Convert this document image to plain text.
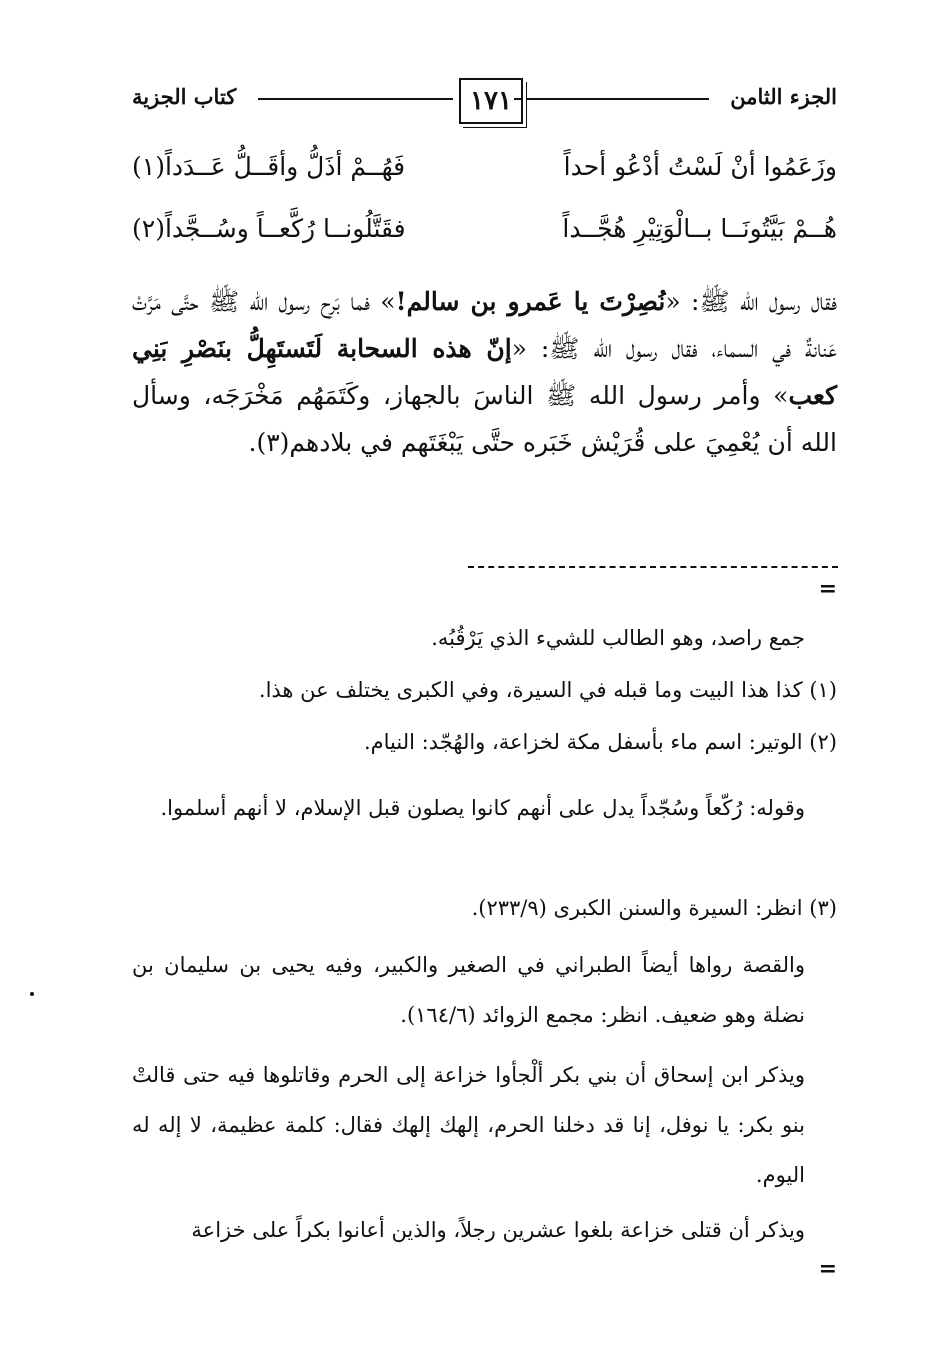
الجزء الثامن
١٧١
كتاب الجزية
وزَعَمُوا أنْ لَسْتُ أدْعُو أحداً
فَهُــمْ أذَلُّ وأقَــلُّ عَــدَداً(١)
هُــمْ بَيَّتُونَــا بــالْوَتِيْرِ هُجَّــداً
فقَتَّلُونــا رُكَّعــاً وسُــجَّداً(٢)
فقال رسول الله ﷺ: «نُصِرْتَ يا عَمرو بن سالم!» فما بَرِح رسول الله ﷺ حتَّى مَرَّتْ عَنانةٌ في السماء، فقال رسول الله ﷺ: «إنّ هذه السحابة لَتَستَهِلُّ بنَصْرِ بَنِي كعب» وأمر رسول الله ﷺ الناسَ بالجهاز، وكَتَمَهُم مَخْرَجَه، وسأل الله أن يُعْمِيَ على قُرَيْش خَبَره حتَّى يَبْغَتَهم في بلادهم(٣).
=
جمع راصد، وهو الطالب للشيء الذي يَرْقُبُه.
(١) كذا هذا البيت وما قبله في السيرة، وفي الكبرى يختلف عن هذا.
(٢) الوتير: اسم ماء بأسفل مكة لخزاعة، والهُجّد: النيام.
وقوله: رُكّعاً وسُجّداً يدل على أنهم كانوا يصلون قبل الإسلام، لا أنهم أسلموا.
(٣) انظر: السيرة والسنن الكبرى (٢٣٣/٩).
والقصة رواها أيضاً الطبراني في الصغير والكبير، وفيه يحيى بن سليمان بن نضلة وهو ضعيف. انظر: مجمع الزوائد (١٦٤/٦).
ويذكر ابن إسحاق أن بني بكر ألْجأوا خزاعة إلى الحرم وقاتلوها فيه حتى قالتْ بنو بكر: يا نوفل، إنا قد دخلنا الحرم، إلهك إلهك فقال: كلمة عظيمة، لا إله له اليوم.
ويذكر أن قتلى خزاعة بلغوا عشرين رجلاً، والذين أعانوا بكراً على خزاعة
=
